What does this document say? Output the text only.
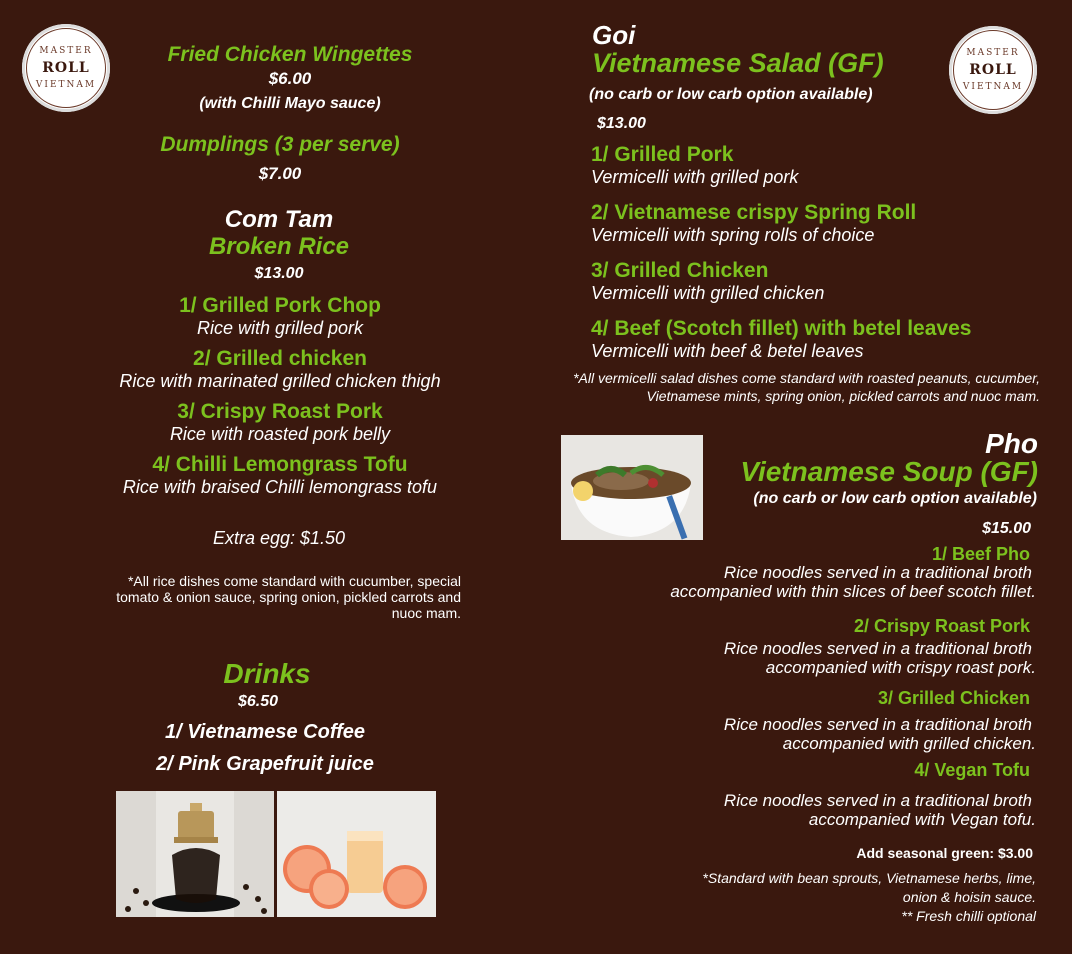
MASTER
ROLL
VIETNAM
MASTER
ROLL
VIETNAM
Fried Chicken Wingettes
$6.00
(with Chilli Mayo sauce)
Dumplings (3 per serve)
$7.00
Com Tam
Broken Rice
$13.00
1/ Grilled Pork Chop
Rice with grilled pork
2/ Grilled chicken
Rice with marinated grilled chicken thigh
3/ Crispy Roast Pork
Rice with roasted pork belly
4/ Chilli Lemongrass Tofu
Rice with braised Chilli lemongrass tofu
Extra egg: $1.50
*All rice dishes come standard with cucumber, special tomato & onion sauce, spring onion, pickled carrots and nuoc mam.
Drinks
$6.50
1/ Vietnamese Coffee
2/ Pink Grapefruit juice
Goi
Vietnamese Salad (GF)
(no carb or low carb option available)
$13.00
1/ Grilled Pork
Vermicelli with grilled pork
2/ Vietnamese crispy Spring Roll
Vermicelli with spring rolls of choice
3/ Grilled Chicken
Vermicelli with grilled chicken
4/ Beef (Scotch fillet) with betel leaves
Vermicelli with beef & betel leaves
*All vermicelli salad dishes come standard with roasted peanuts, cucumber, Vietnamese mints, spring onion, pickled carrots and nuoc mam.
Pho
Vietnamese Soup (GF)
(no carb or low carb option available)
$15.00
1/ Beef Pho
Rice noodles served in a traditional broth
accompanied with thin slices of beef scotch fillet.
2/ Crispy Roast Pork
Rice noodles served in a traditional broth
accompanied with crispy roast pork.
3/ Grilled Chicken
Rice noodles served in a traditional broth
accompanied with grilled chicken.
4/ Vegan Tofu
Rice noodles served in a traditional broth
accompanied with Vegan tofu.
Add seasonal green: $3.00
*Standard with bean sprouts, Vietnamese herbs, lime,
onion & hoisin sauce.
** Fresh chilli optional
